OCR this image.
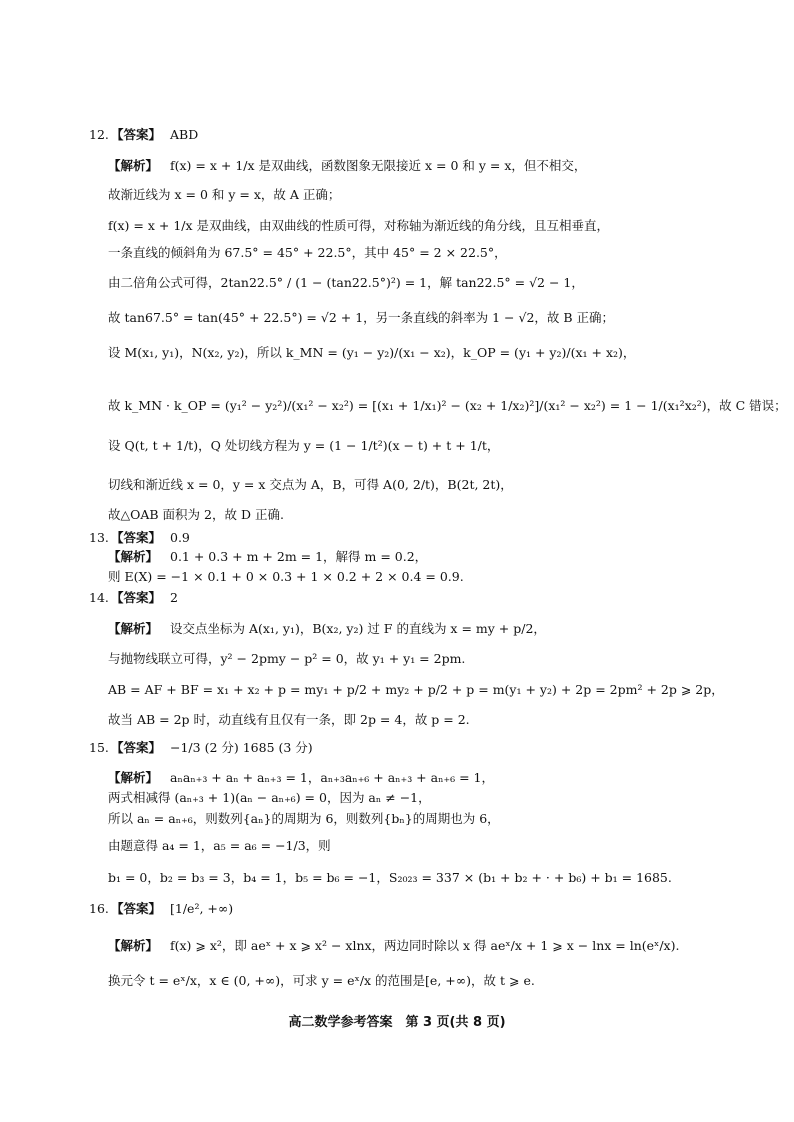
12. 【答案】 ABD
【解析】 f(x) = x + 1/x 是双曲线，函数图象无限接近 x = 0 和 y = x，但不相交，
故渐近线为 x = 0 和 y = x，故 A 正确；
f(x) = x + 1/x 是双曲线，由双曲线的性质可得，对称轴为渐近线的角分线，且互相垂直，
一条直线的倾斜角为 67.5° = 45° + 22.5°，其中 45° = 2 × 22.5°，
由二倍角公式可得，2tan22.5° / (1 − (tan22.5°)²) = 1，解 tan22.5° = √2 − 1，
故 tan67.5° = tan(45° + 22.5°) = √2 + 1，另一条直线的斜率为 1 − √2，故 B 正确；
设 M(x₁, y₁)，N(x₂, y₂)，所以 k_MN = (y₁ − y₂)/(x₁ − x₂)，k_OP = (y₁ + y₂)/(x₁ + x₂)，
故 k_MN · k_OP = (y₁² − y₂²)/(x₁² − x₂²) = [(x₁ + 1/x₁)² − (x₂ + 1/x₂)²]/(x₁² − x₂²) = 1 − 1/(x₁²x₂²)，故 C 错误；
设 Q(t, t + 1/t)，Q 处切线方程为 y = (1 − 1/t²)(x − t) + t + 1/t，
切线和渐近线 x = 0，y = x 交点为 A，B，可得 A(0, 2/t)，B(2t, 2t)，
故△OAB 面积为 2，故 D 正确.
13. 【答案】 0.9
【解析】 0.1 + 0.3 + m + 2m = 1，解得 m = 0.2，
则 E(X) = −1 × 0.1 + 0 × 0.3 + 1 × 0.2 + 2 × 0.4 = 0.9.
14. 【答案】 2
【解析】 设交点坐标为 A(x₁, y₁)，B(x₂, y₂) 过 F 的直线为 x = my + p/2，
与抛物线联立可得，y² − 2pmy − p² = 0，故 y₁ + y₁ = 2pm.
AB = AF + BF = x₁ + x₂ + p = my₁ + p/2 + my₂ + p/2 + p = m(y₁ + y₂) + 2p = 2pm² + 2p ⩾ 2p，
故当 AB = 2p 时，动直线有且仅有一条，即 2p = 4，故 p = 2.
15. 【答案】 −1/3 (2 分) 1685 (3 分)
【解析】 aₙaₙ₊₃ + aₙ + aₙ₊₃ = 1，aₙ₊₃aₙ₊₆ + aₙ₊₃ + aₙ₊₆ = 1，
两式相减得 (aₙ₊₃ + 1)(aₙ − aₙ₊₆) = 0，因为 aₙ ≠ −1，
所以 aₙ = aₙ₊₆，则数列{aₙ}的周期为 6，则数列{bₙ}的周期也为 6，
由题意得 a₄ = 1，a₅ = a₆ = −1/3，则
b₁ = 0，b₂ = b₃ = 3，b₄ = 1，b₅ = b₆ = −1，S₂₀₂₃ = 337 × (b₁ + b₂ + · + b₆) + b₁ = 1685.
16. 【答案】 [1/e², +∞)
【解析】 f(x) ⩾ x²，即 aeˣ + x ⩾ x² − xlnx，两边同时除以 x 得 aeˣ/x + 1 ⩾ x − lnx = ln(eˣ/x).
换元令 t = eˣ/x，x ∈ (0, +∞)，可求 y = eˣ/x 的范围是[e, +∞)，故 t ⩾ e.
高二数学参考答案　第 3 页(共 8 页)
